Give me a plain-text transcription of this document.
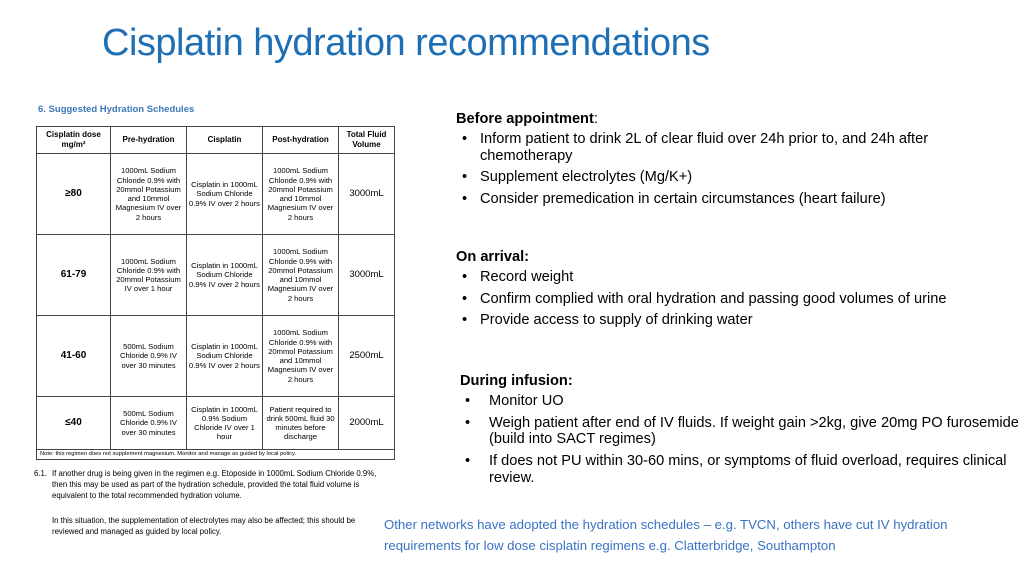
Cisplatin hydration recommendations
6. Suggested Hydration Schedules
Cisplatin dose mg/m²	Pre-hydration	Cisplatin	Post-hydration	Total Fluid Volume
≥80	1000mL Sodium Chloride 0.9% with 20mmol Potassium and 10mmol Magnesium IV over 2 hours	Cisplatin in 1000mL Sodium Chloride 0.9% IV over 2 hours	1000mL Sodium Chloride 0.9% with 20mmol Potassium and 10mmol Magnesium IV over 2 hours	3000mL
61-79	1000mL Sodium Chloride 0.9% with 20mmol Potassium IV over 1 hour	Cisplatin in 1000mL Sodium Chloride 0.9% IV over 2 hours	1000mL Sodium Chloride 0.9% with 20mmol Potassium and 10mmol Magnesium IV over 2 hours	3000mL
41-60	500mL Sodium Chloride 0.9% IV over 30 minutes	Cisplatin in 1000mL Sodium Chloride 0.9% IV over 2 hours	1000mL Sodium Chloride 0.9% with 20mmol Potassium and 10mmol Magnesium IV over 2 hours	2500mL
≤40	500mL Sodium Chloride 0.9% IV over 30 minutes	Cisplatin in 1000mL 0.9% Sodium Chloride IV over 1 hour	Patient required to drink 500mL fluid 30 minutes before discharge	2000mL
Note: this regimen does not supplement magnesium. Monitor and manage as guided by local policy.				
6.1. If another drug is being given in the regimen e.g. Etoposide in 1000mL Sodium Chloride 0.9%, then this may be used as part of the hydration schedule, provided the total fluid volume is equivalent to the total recommended hydration volume.
In this situation, the supplementation of electrolytes may also be affected; this should be reviewed and managed as guided by local policy.
Before appointment:
• Inform patient to drink 2L of clear fluid over 24h prior to, and 24h after chemotherapy
• Supplement electrolytes (Mg/K+)
• Consider premedication in certain circumstances (heart failure)
On arrival:
• Record weight
• Confirm complied with oral hydration and passing good volumes of urine
• Provide access to supply of drinking water
During infusion:
• Monitor UO
• Weigh patient after end of IV fluids. If weight gain >2kg, give 20mg PO furosemide (build into SACT regimes)
• If does not PU within 30-60 mins, or symptoms of fluid overload, requires clinical review.
Other networks have adopted the hydration schedules – e.g. TVCN, others have cut IV hydration requirements for low dose cisplatin regimens e.g. Clatterbridge, Southampton
